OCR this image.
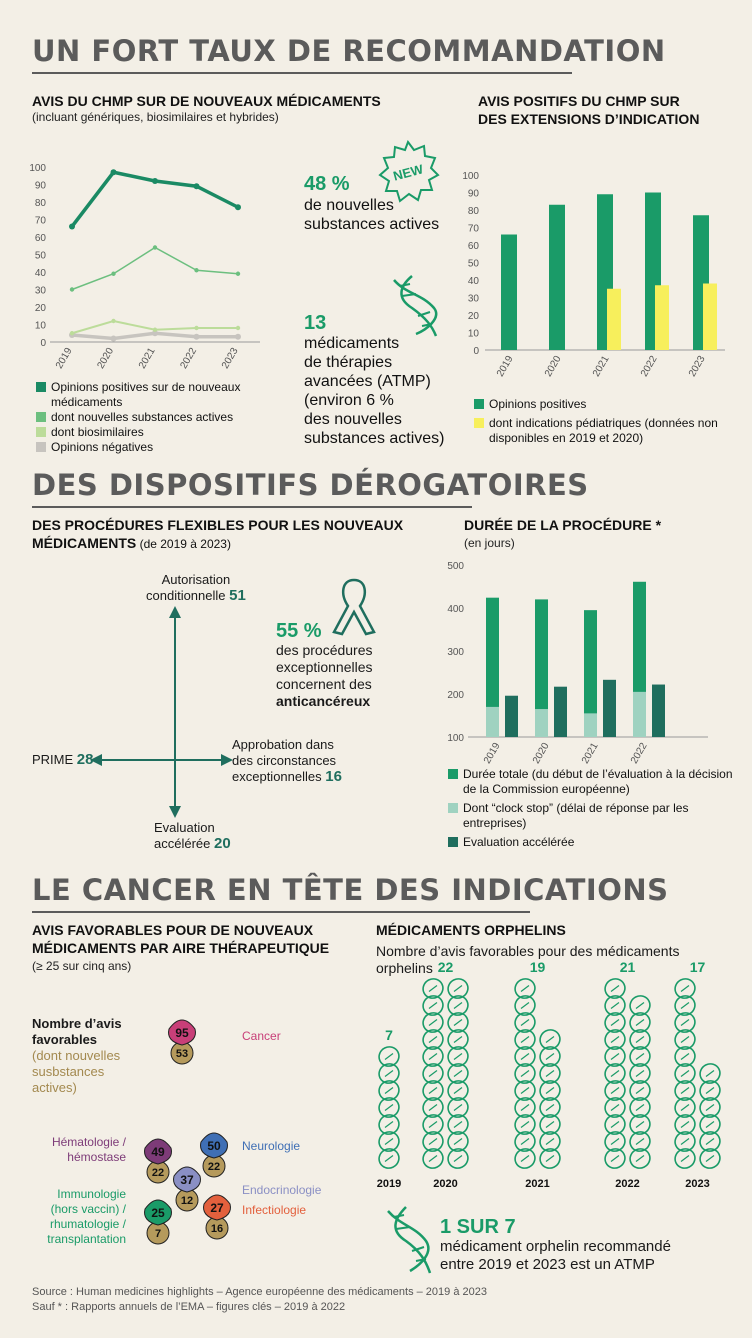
UN FORT TAUX DE RECOMMANDATION
AVIS DU CHMP SUR DE NOUVEAUX MÉDICAMENTS
(incluant génériques, biosimilaires et hybrides)
0
10
20
30
40
50
60
70
80
90
100
2019 2020 2021 2022 2023
Opinions positives sur de nouveaux médicaments
dont nouvelles substances actives
dont biosimilaires
Opinions négatives
NEW
48 %
de nouvelles
substances actives
13
médicaments
de thérapies
avancées (ATMP)
(environ 6 %
des nouvelles
substances actives)
AVIS POSITIFS DU CHMP SUR
DES EXTENSIONS D’INDICATION
0
10
20
30
40
50
60
70
80
90
100
2019	2020	2021	2022	2023
Opinions positives
dont indications pédiatriques (données non disponibles en 2019 et 2020)
DES DISPOSITIFS DÉROGATOIRES
DES PROCÉDURES FLEXIBLES POUR LES NOUVEAUX
MÉDICAMENTS (de 2019 à 2023)
Autorisation
conditionnelle 51
PRIME 28
Approbation dans
des circonstances
exceptionnelles 16
Evaluation
accélérée 20
55 %
des procédures
exceptionnelles
concernent des
anticancéreux
DURÉE DE LA PROCÉDURE *
(en jours)
100
200
300
400
500
2019	2020	2021	2022
Durée totale (du début de l’évaluation à la décision de la Commission européenne)
Dont “clock stop” (délai de réponse par les entreprises)
Evaluation accélérée
LE CANCER EN TÊTE DES INDICATIONS
AVIS FAVORABLES POUR DE NOUVEAUX
MÉDICAMENTS PAR AIRE THÉRAPEUTIQUE
(≥ 25 sur cinq ans)
Nombre d’avis
favorables
(dont nouvelles
susbstances
actives)
53
95
22
49
22
50
12
37
7
25
16
27
Cancer
Hématologie /
hémostase
Neurologie
Endocrinologie
Infectiologie
Immunologie
(hors vaccin) /
rhumatologie /
transplantation
MÉDICAMENTS ORPHELINS
Nombre d’avis favorables pour des médicaments
orphelins
7
2019
22
2020
19
2021
21
2022
17
2023
1 SUR 7
médicament orphelin recommandé
entre 2019 et 2023 est un ATMP
Source : Human medicines highlights – Agence européenne des médicaments – 2019 à 2023
Sauf * : Rapports annuels de l’EMA – figures clés – 2019 à 2022
